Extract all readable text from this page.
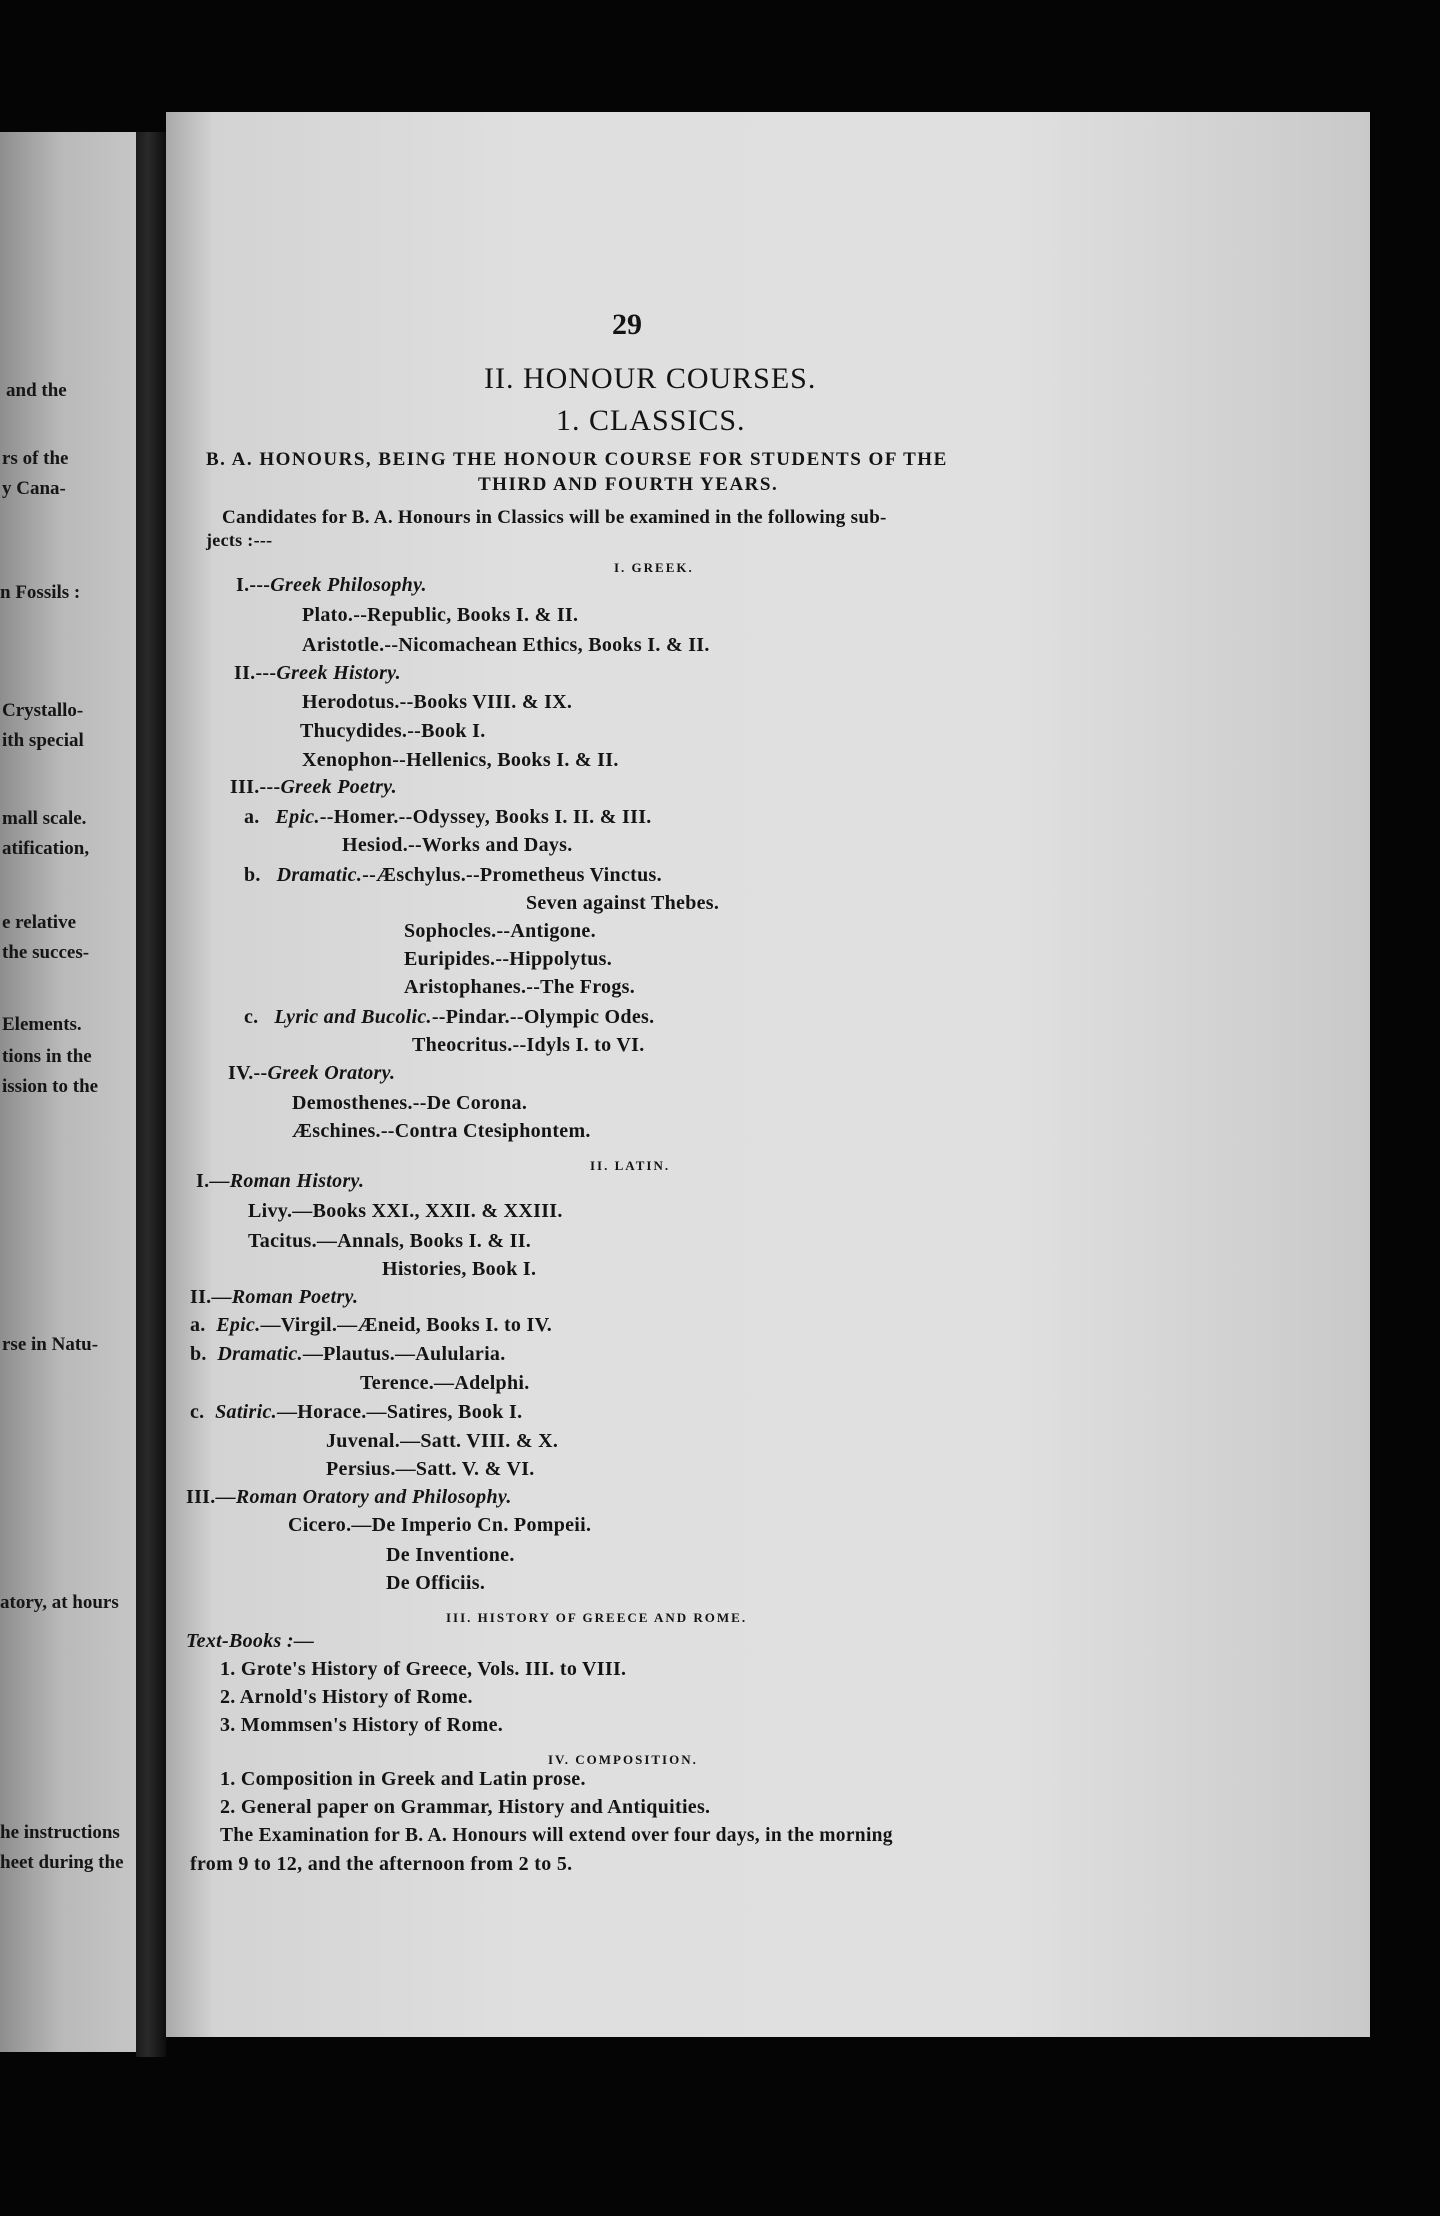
and the
rs of the
y Cana-
n Fossils :
Crystallo-
ith special
mall scale.
atification,
e relative
the succes-
Elements.
tions in the
ission to the
rse in Natu-
atory, at hours
he instructions
heet during the
29
II. HONOUR COURSES.
1. CLASSICS.
B. A. HONOURS, BEING THE HONOUR COURSE FOR STUDENTS OF THE
THIRD AND FOURTH YEARS.
Candidates for B. A. Honours in Classics will be examined in the following sub-
jects :---
I. GREEK.
I.---Greek Philosophy.
Plato.--Republic, Books I. & II.
Aristotle.--Nicomachean Ethics, Books I. & II.
II.---Greek History.
Herodotus.--Books VIII. & IX.
Thucydides.--Book I.
Xenophon--Hellenics, Books I. & II.
III.---Greek Poetry.
a. Epic.--Homer.--Odyssey, Books I. II. & III.
Hesiod.--Works and Days.
b. Dramatic.--Æschylus.--Prometheus Vinctus.
Seven against Thebes.
Sophocles.--Antigone.
Euripides.--Hippolytus.
Aristophanes.--The Frogs.
c. Lyric and Bucolic.--Pindar.--Olympic Odes.
Theocritus.--Idyls I. to VI.
IV.--Greek Oratory.
Demosthenes.--De Corona.
Æschines.--Contra Ctesiphontem.
II. LATIN.
I.—Roman History.
Livy.—Books XXI., XXII. & XXIII.
Tacitus.—Annals, Books I. & II.
Histories, Book I.
II.—Roman Poetry.
a. Epic.—Virgil.—Æneid, Books I. to IV.
b. Dramatic.—Plautus.—Aulularia.
Terence.—Adelphi.
c. Satiric.—Horace.—Satires, Book I.
Juvenal.—Satt. VIII. & X.
Persius.—Satt. V. & VI.
III.—Roman Oratory and Philosophy.
Cicero.—De Imperio Cn. Pompeii.
De Inventione.
De Officiis.
III. HISTORY OF GREECE AND ROME.
Text-Books :—
1. Grote's History of Greece, Vols. III. to VIII.
2. Arnold's History of Rome.
3. Mommsen's History of Rome.
IV. COMPOSITION.
1. Composition in Greek and Latin prose.
2. General paper on Grammar, History and Antiquities.
The Examination for B. A. Honours will extend over four days, in the morning
from 9 to 12, and the afternoon from 2 to 5.
